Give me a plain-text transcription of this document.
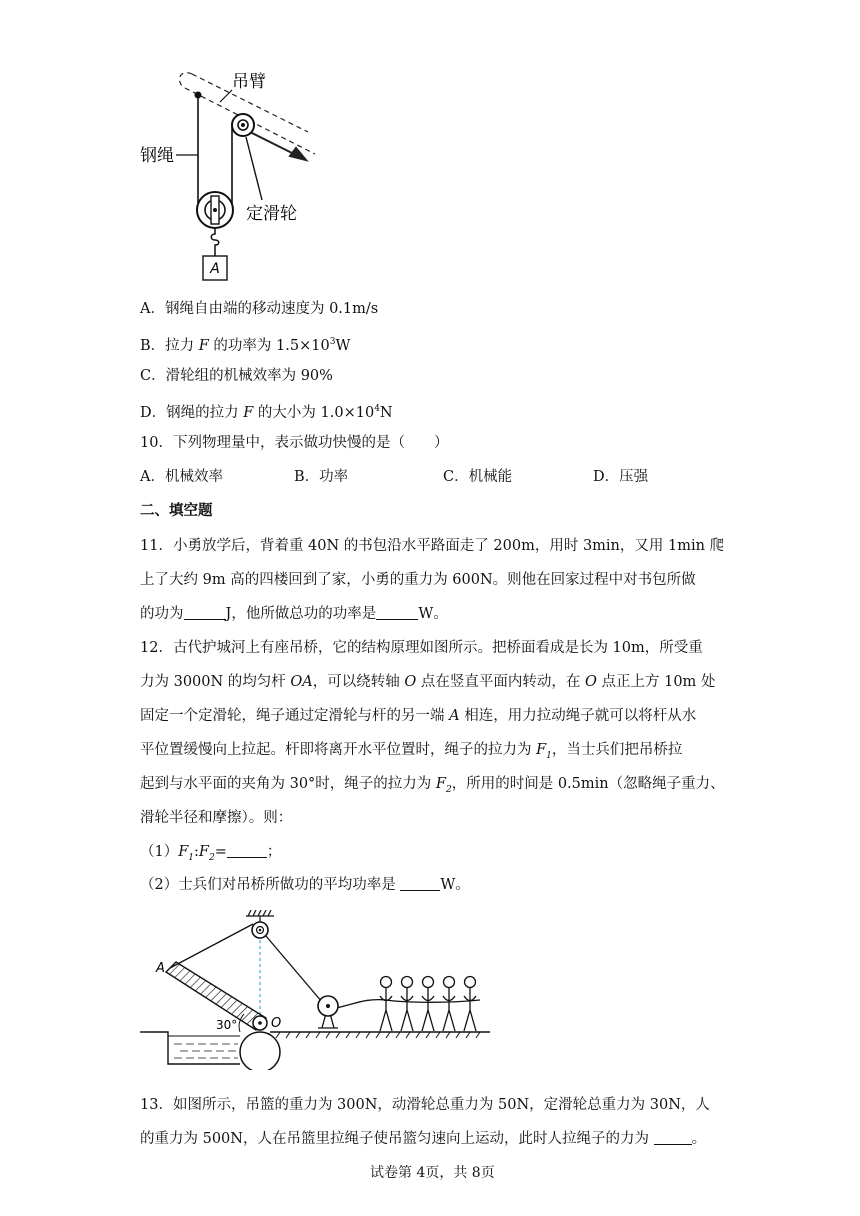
A
吊臂
钢绳
定滑轮
A．钢绳自由端的移动速度为 0.1m/s
B．拉力 F 的功率为 $1.5\times 10^3W$
C．滑轮组的机械效率为 90%
D．钢绳的拉力 F 的大小为 $1.0\times 10^4N$
10．下列物理量中，表示做功快慢的是（　　）
A．机械效率	B．功率	C．机械能	D．压强
二、填空题
11．小勇放学后，背着重 40N 的书包沿水平路面走了 200m，用时 3min，又用 1min 爬
上了大约 9m 高的四楼回到了家，小勇的重力为 600N。则他在回家过程中对书包所做
的功为	J，他所做总功的功率是	W。
12．古代护城河上有座吊桥，它的结构原理如图所示。把桥面看成是长为 10m，所受重
力为 3000N 的均匀杆 OA，可以绕转轴 O 点在竖直平面内转动，在 O 点正上方 10m 处
固定一个定滑轮，绳子通过定滑轮与杆的另一端 A 相连，用力拉动绳子就可以将杆从水
平位置缓慢向上拉起。杆即将离开水平位置时，绳子的拉力为 $F_1$，当士兵们把吊桥拉
起到与水平面的夹角为 30°时，绳子的拉力为 $F_2$，所用的时间是 0.5min（忽略绳子重力、
滑轮半径和摩擦）。则：
$(1)F_1:F_2=$	；
（2）士兵们对吊桥所做功的平均功率是	W。
A
O
30°
13．如图所示，吊篮的重力为 300N，动滑轮总重力为 50N，定滑轮总重力为 30N，人
的重力为 500N，人在吊篮里拉绳子使吊篮匀速向上运动，此时人拉绳子的力为	。
试卷第 4页，共 8页
